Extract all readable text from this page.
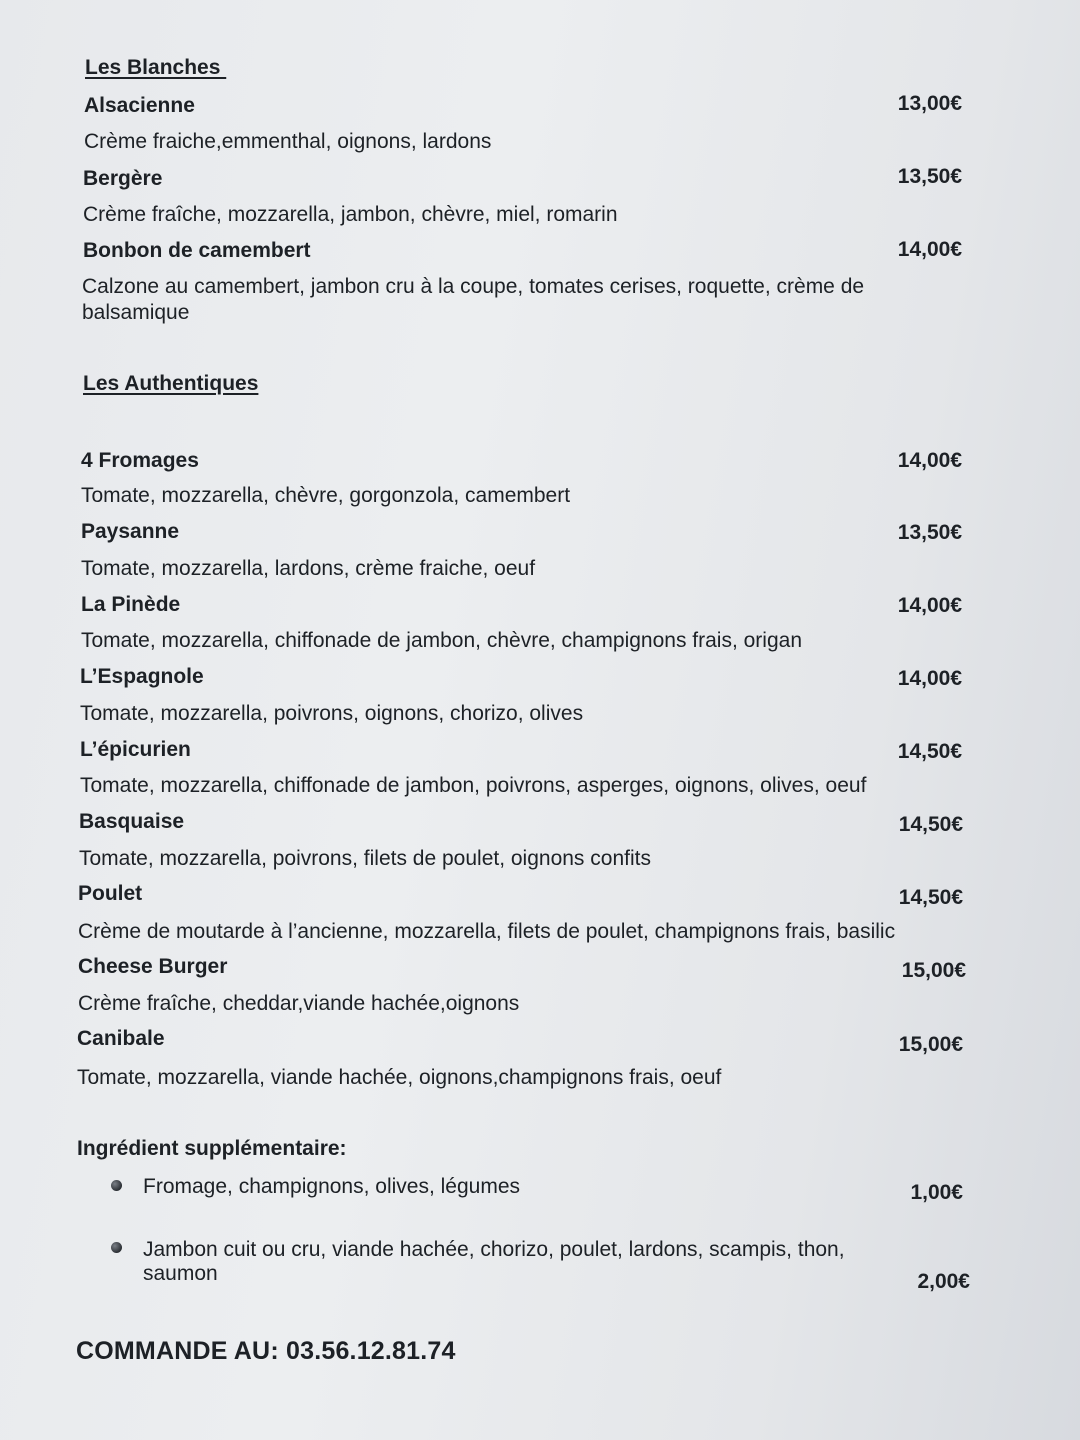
Les Blanches
Alsacienne	13,00€
Crème fraiche,emmenthal, oignons, lardons
Bergère	13,50€
Crème fraîche, mozzarella, jambon, chèvre, miel, romarin
Bonbon de camembert	14,00€
Calzone au camembert, jambon cru à la coupe, tomates cerises, roquette, crème de balsamique
Les Authentiques
4 Fromages	14,00€
Tomate, mozzarella, chèvre, gorgonzola, camembert
Paysanne	13,50€
Tomate, mozzarella, lardons, crème fraiche, oeuf
La Pinède	14,00€
Tomate, mozzarella, chiffonade de jambon, chèvre, champignons frais, origan
L’Espagnole	14,00€
Tomate, mozzarella, poivrons, oignons, chorizo, olives
L’épicurien	14,50€
Tomate, mozzarella, chiffonade de jambon, poivrons, asperges, oignons, olives, oeuf
Basquaise	14,50€
Tomate, mozzarella, poivrons, filets de poulet, oignons confits
Poulet	14,50€
Crème de moutarde à l’ancienne, mozzarella, filets de poulet, champignons frais, basilic
Cheese Burger	15,00€
Crème fraîche, cheddar,viande hachée,oignons
Canibale	15,00€
Tomate, mozzarella, viande hachée, oignons,champignons frais, oeuf
Ingrédient supplémentaire:
Fromage, champignons, olives, légumes	1,00€
Jambon cuit ou cru, viande hachée, chorizo, poulet, lardons, scampis, thon, saumon	2,00€
COMMANDE AU: 03.56.12.81.74
